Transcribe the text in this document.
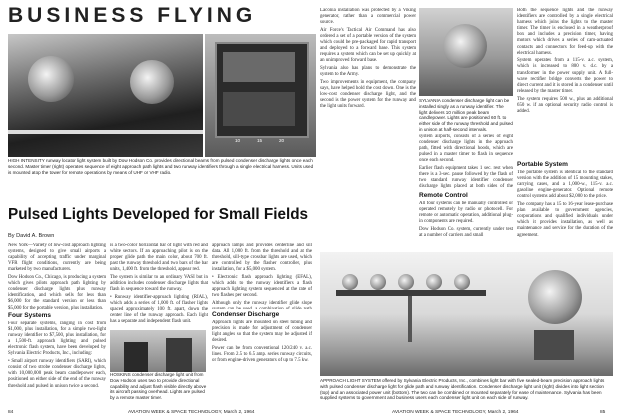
BUSINESS FLYING
10	15	20
HIGH INTENSITY runway locator light system built by Dow Hodson Co. provides directional beams from pulsed condenser discharge lights once each second. Master timer (right) operates sequence of eight approach path lights and two runway identifiers through a single electrical harness. Units used is mounted atop the tower for remote operations by means of UHF or VHF radio.
Pulsed Lights Developed for Small Fields
By David A. Brown

New York—Variety of low-cost approach lighting systems, designed to give small airports a capability of accepting traffic under marginal VFR flight conditions, currently are being marketed by two manufacturers.

Dow Hodson Co., Chicago, is producing a system which gives pilots approach path lighting by condenser discharge lights plus runway identification, and which sells for less than $6,000 for the standard version or less than $5,000 for the portable version, plus installation.

Four Systems

Four separate systems, ranging in cost from $1,000, plus installation, for a simple two-light runway identifier to $7,500, plus installation, for a 1,500-ft. approach lighting and pulsed electronic flash system, have been developed by Sylvania Electric Products, Inc., including:

• Small airport runway identifiers (SARI), which consist of two strobe condenser discharge lights, with 10,000,000 peak beam candlepower each, positioned on either side of the end of the runway threshold and pulsed in unison twice a second.

is a two-color horizontal bar of light with red and white sectors. If an approaching pilot is on the proper glide path the main color, about 700 ft. past the runway threshold and two bars of the bar units, 1,400 ft. from the threshold, appear red.

The system is similar to an ordinary VASI but in addition includes condenser discharge lights that flash in sequence toward the runway.

• Runway identifier-approach lighting (RIAL), which adds a series of 1,000 ft. of flasher lights spaced approximately 100 ft. apart, down the center line of the runway approach. Each light has a separate and independent flash unit.

HOSKINS condenser discharge light unit from Dow Hodson uses two to provide directional capability and adjust flash visible directly above its aircraft passing overhead. Lights are pulsed by a remote master timer.

approach lamps and provides centerline and sill data. All 1,000 ft. from the threshold and at the threshold, sill-type crossbar lights are used, which are controlled by the flasher controller, plus installation, for a $5,000 system.

• Electronic flash approach lighting (EFAL), which adds to the runway identifiers a flash approach lighting system sequenced at the rate of two flashes per second.

Although only the runway identifier glide slope

Condenser Discharge

Approach lights are mounted on steel tubing and precision is made for adjustment of condenser light angles so that the system may be adjusted if desired.

Power can be from conventional 120/240 v. a.c. lines. From 2.5 to 6.5 amp. series runway circuits, or from engine-driven generators of up to 7.5 kw.

Laconia installation was protected by a Viking generator, rather than a commercial power source.

Air Force's Tactical Air Command has also ordered a set of a portable version of the system which could be pre-packaged for rapid transport and deployed to a forward base. This system requires a system which can be set up quickly at an unimproved forward base.

Sylvania also has plans to demonstrate the system to the Army.

Two improvements in equipment, the company says, have helped hold the cost down. One is the low-cost condenser discharge light, and the second is the power system for the runway and the light units forward.

SYLVANIA condenser discharge light can be installed singly as a runway identifier. The light delivers 10 million peak beam candlepower. Lights are positioned 60 ft. to either side of the runway threshold and pulsed in unison at half-second intervals.

system airports, consists of a series of eight condenser discharge lights in the approach path, fitted with directional hoods, which are pulsed in a master timer to flash in sequence once each second.

Earlier flash equipment takes 1 sec. rest when there is a 3-sec. pause followed by the flash of two standard runway identifier condenser discharge lights placed at both sides of the

Remote Control

All four systems can be manually controlled or operated remotely by radio or photocell. For remote or automatic operation, additional plug-in components are required.

Dow Hodson Co. system, currently under test at a number of carriers and small

Both the sequence lights and the runway identifiers are controlled by a single electrical harness which joins the lights to the master timer. The timer is enclosed in a weatherproof box and includes a precision timer, having motors which drives a series of cam-actuated contacts and connectors for feed-up with the electrical harness.

System operates from a 115-v. a.c. system, which is increased to 800 v. d.c. by a transformer in the power supply unit. A full-wave rectifier bridge converts the power to direct current and it is stored in a condenser until released by the master timer.

The system requires 500 w., plus an additional 650 w. if an optional security radio control is added.

Portable System

The portable system is identical to the standard version with the addition of 15 mounting stakes, carrying cases, and a 1,000-w., 115-v. a.c. gasoline engine-generator. Optional remote control systems add about $2,000 to the price.

The company has a 15 to 16-year lease-purchase plan available to government agencies, corporations and qualified individuals under which it provides installation, as well as maintenance and service for the duration of the agreement.

APPROACH LIGHT SYSTEM offered by Sylvania Electric Products, Inc., combines light bar with five sealed-beam precision approach lights with pulsed condenser discharge light for glide path and runway identification. Condenser discharge light unit (right) divides into light section (top) and an associated power unit (bottom). The two can be combined or mounted separately for ease of maintenance. Sylvania has been supplied systems to government and business users each condenser light unit on each side of runway.
84	AVIATION WEEK & SPACE TECHNOLOGY, March 2, 1964	AVIATION WEEK & SPACE TECHNOLOGY, March 2, 1964	85
